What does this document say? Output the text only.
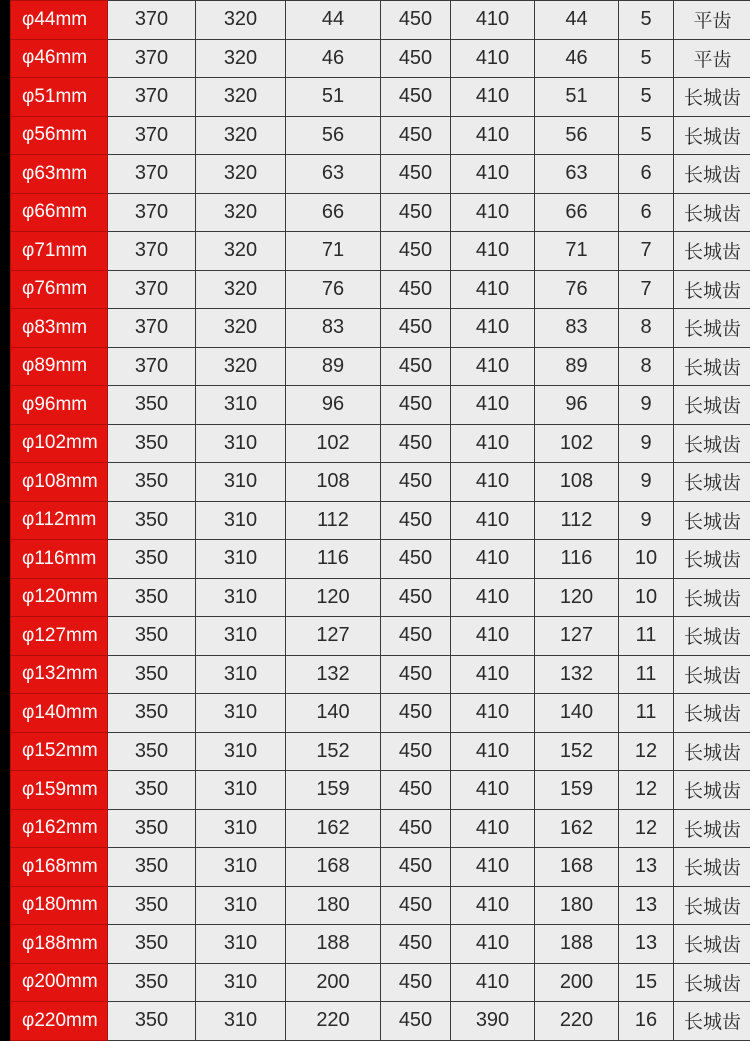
φ44mm	370	320	44	450	410	44	5	平齿
φ46mm	370	320	46	450	410	46	5	平齿
φ51mm	370	320	51	450	410	51	5	长城齿
φ56mm	370	320	56	450	410	56	5	长城齿
φ63mm	370	320	63	450	410	63	6	长城齿
φ66mm	370	320	66	450	410	66	6	长城齿
φ71mm	370	320	71	450	410	71	7	长城齿
φ76mm	370	320	76	450	410	76	7	长城齿
φ83mm	370	320	83	450	410	83	8	长城齿
φ89mm	370	320	89	450	410	89	8	长城齿
φ96mm	350	310	96	450	410	96	9	长城齿
φ102mm	350	310	102	450	410	102	9	长城齿
φ108mm	350	310	108	450	410	108	9	长城齿
φ112mm	350	310	112	450	410	112	9	长城齿
φ116mm	350	310	116	450	410	116	10	长城齿
φ120mm	350	310	120	450	410	120	10	长城齿
φ127mm	350	310	127	450	410	127	11	长城齿
φ132mm	350	310	132	450	410	132	11	长城齿
φ140mm	350	310	140	450	410	140	11	长城齿
φ152mm	350	310	152	450	410	152	12	长城齿
φ159mm	350	310	159	450	410	159	12	长城齿
φ162mm	350	310	162	450	410	162	12	长城齿
φ168mm	350	310	168	450	410	168	13	长城齿
φ180mm	350	310	180	450	410	180	13	长城齿
φ188mm	350	310	188	450	410	188	13	长城齿
φ200mm	350	310	200	450	410	200	15	长城齿
φ220mm	350	310	220	450	390	220	16	长城齿
